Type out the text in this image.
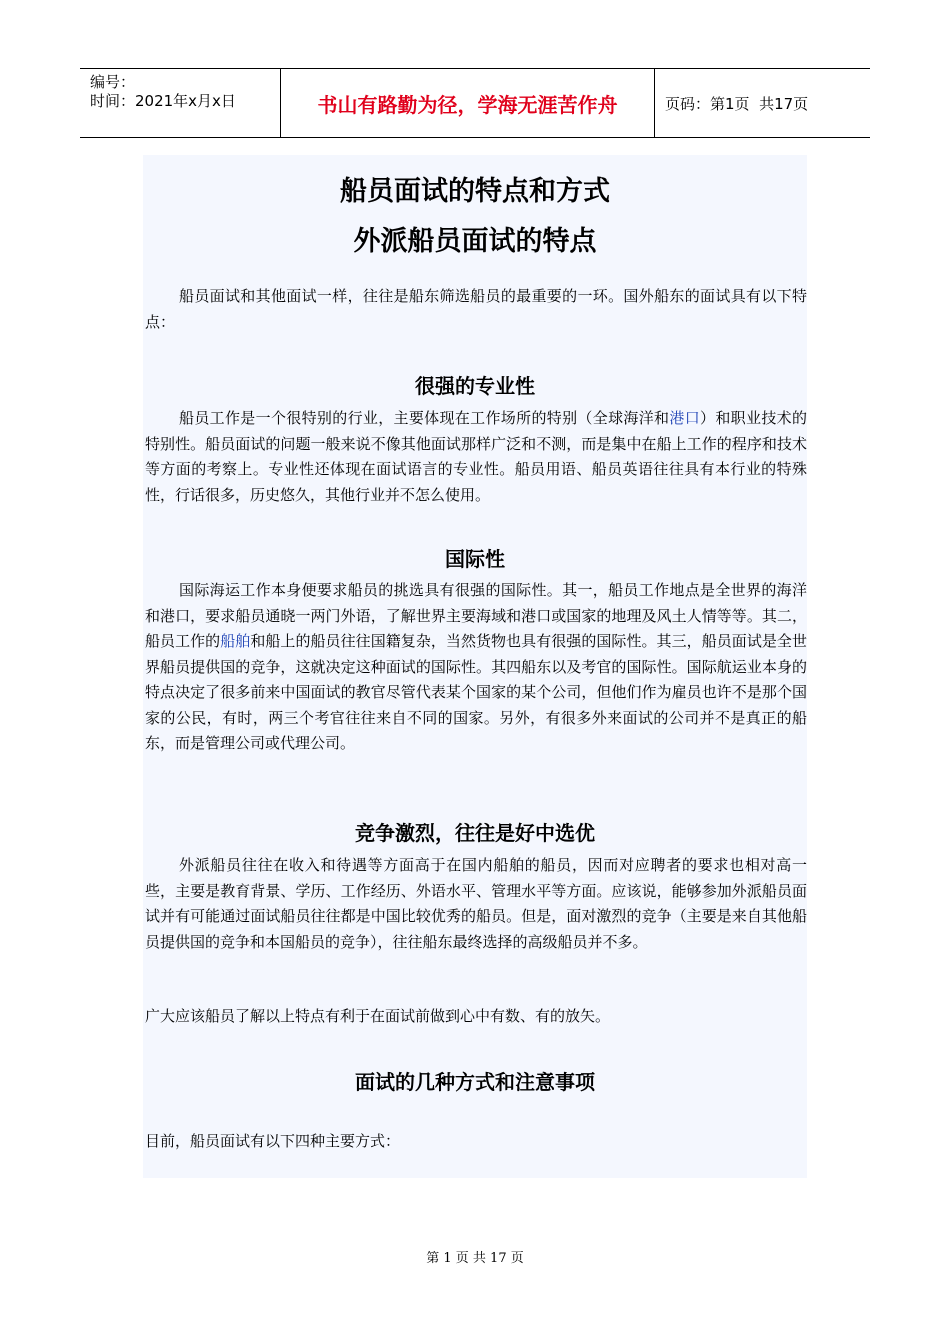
编号：
时间：2021年x月x日	书山有路勤为径，学海无涯苦作舟	页码：第1页  共17页
船员面试的特点和方式
外派船员面试的特点
船员面试和其他面试一样，往往是船东筛选船员的最重要的一环。国外船东的面试具有以下特点：
很强的专业性
船员工作是一个很特别的行业，主要体现在工作场所的特别（全球海洋和港口）和职业技术的特别性。船员面试的问题一般来说不像其他面试那样广泛和不测，而是集中在船上工作的程序和技术等方面的考察上。专业性还体现在面试语言的专业性。船员用语、船员英语往往具有本行业的特殊性，行话很多，历史悠久，其他行业并不怎么使用。
国际性
国际海运工作本身便要求船员的挑选具有很强的国际性。其一，船员工作地点是全世界的海洋和港口，要求船员通晓一两门外语，了解世界主要海域和港口或国家的地理及风土人情等等。其二，船员工作的船舶和船上的船员往往国籍复杂，当然货物也具有很强的国际性。其三，船员面试是全世界船员提供国的竞争，这就决定这种面试的国际性。其四船东以及考官的国际性。国际航运业本身的特点决定了很多前来中国面试的教官尽管代表某个国家的某个公司，但他们作为雇员也许不是那个国家的公民，有时，两三个考官往往来自不同的国家。另外，有很多外来面试的公司并不是真正的船东，而是管理公司或代理公司。
竞争激烈，往往是好中选优
外派船员往往在收入和待遇等方面高于在国内船舶的船员，因而对应聘者的要求也相对高一些，主要是教育背景、学历、工作经历、外语水平、管理水平等方面。应该说，能够参加外派船员面试并有可能通过面试船员往往都是中国比较优秀的船员。但是，面对激烈的竞争（主要是来自其他船员提供国的竞争和本国船员的竞争），往往船东最终选择的高级船员并不多。
广大应该船员了解以上特点有利于在面试前做到心中有数、有的放矢。
面试的几种方式和注意事项
目前，船员面试有以下四种主要方式：
第 1 页 共 17 页
